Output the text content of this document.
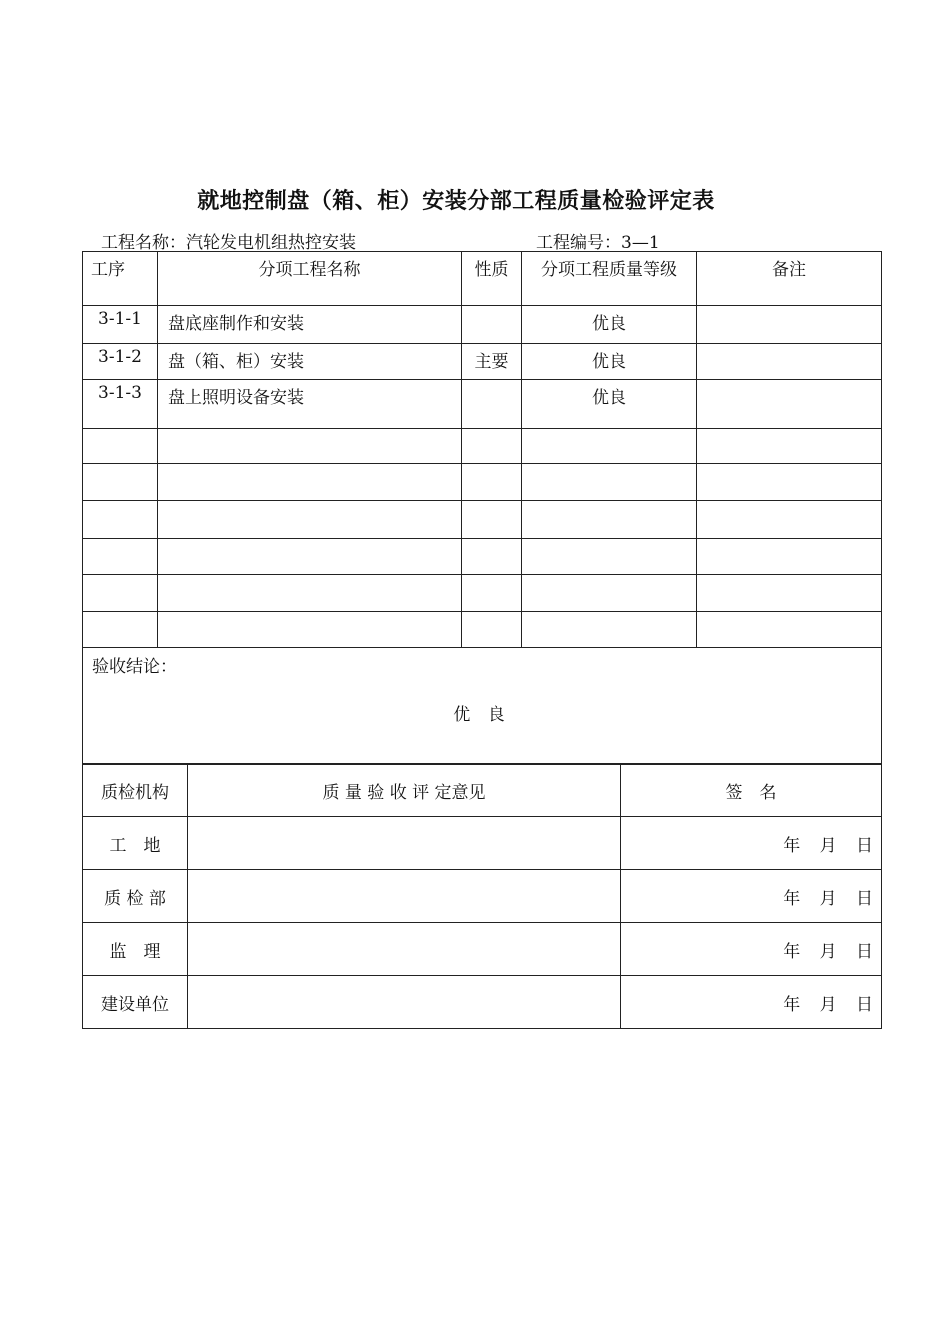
就地控制盘（箱、柜）安装分部工程质量检验评定表
工程名称：汽轮发电机组热控安装	工程编号：3—1
工序	分项工程名称	性质	分项工程质量等级	备注
3-1-1	盘底座制作和安装		优良	
3-1-2	盘（箱、柜）安装	主要	优良	
3-1-3	盘上照明设备安装		优良	

验收结论：
优 良				
质检机构	质 量 验 收 评 定意见	签　名
工　地		年 月 日
质 检 部		年 月 日
监　理		年 月 日
建设单位		年 月 日
